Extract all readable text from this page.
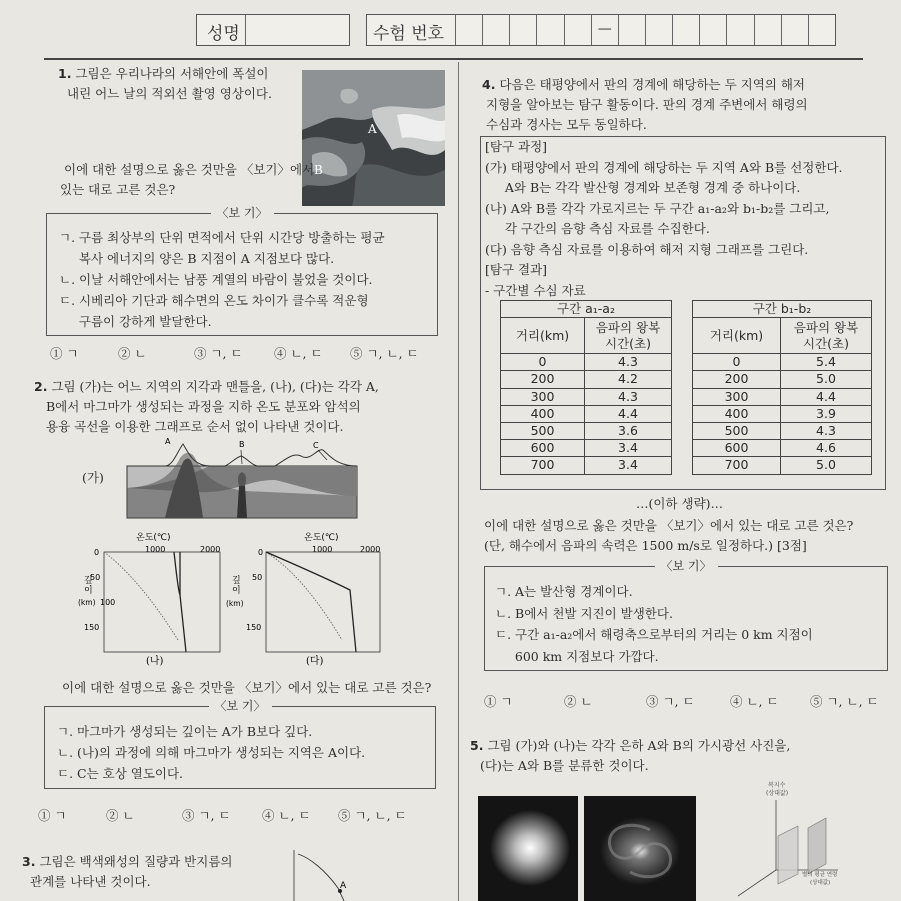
성명	수험 번호	—
1. 그림은 우리나라의 서해안에 폭설이
내린 어느 날의 적외선 촬영 영상이다.
A
B
이에 대한 설명으로 옳은 것만을 〈보기〉에서
있는 대로 고른 것은?
〈보 기〉
ㄱ. 구름 최상부의 단위 면적에서 단위 시간당 방출하는 평균
복사 에너지의 양은 B 지점이 A 지점보다 많다.
ㄴ. 이날 서해안에서는 남풍 계열의 바람이 불었을 것이다.
ㄷ. 시베리아 기단과 해수면의 온도 차이가 클수록 적운형
구름이 강하게 발달한다.
① ㄱ	② ㄴ	③ ㄱ, ㄷ	④ ㄴ, ㄷ ⑤ ㄱ, ㄴ, ㄷ
2. 그림 (가)는 어느 지역의 지각과 맨틀을, (나), (다)는 각각 A,
B에서 마그마가 생성되는 과정을 지하 온도 분포와 암석의
용융 곡선을 이용한 그래프로 순서 없이 나타낸 것이다.
(가)
A	B	C
온도(℃)
1000	2000
0
깊
이
(km)
50
100
150
(나)
온도(℃)
1000	2000
0
깊
이
(km)
50
150
(다)
이에 대한 설명으로 옳은 것만을 〈보기〉에서 있는 대로 고른 것은?
〈보 기〉
ㄱ. 마그마가 생성되는 깊이는 A가 B보다 깊다.
ㄴ. (나)의 과정에 의해 마그마가 생성되는 지역은 A이다.
ㄷ. C는 호상 열도이다.
① ㄱ	② ㄴ	③ ㄱ, ㄷ	④ ㄴ, ㄷ ⑤ ㄱ, ㄴ, ㄷ
3. 그림은 백색왜성의 질량과 반지름의
관계를 나타낸 것이다.	A
4. 다음은 태평양에서 판의 경계에 해당하는 두 지역의 해저
지형을 알아보는 탐구 활동이다. 판의 경계 주변에서 해령의
수심과 경사는 모두 동일하다.
[탐구 과정]
(가) 태평양에서 판의 경계에 해당하는 두 지역 A와 B를 선정한다.
A와 B는 각각 발산형 경계와 보존형 경계 중 하나이다.
(나) A와 B를 각각 가로지르는 두 구간 a₁-a₂와 b₁-b₂를 그리고,
각 구간의 음향 측심 자료를 수집한다.
(다) 음향 측심 자료를 이용하여 해저 지형 그래프를 그린다.
[탐구 결과]
- 구간별 수심 자료
구간 a₁-a₂	
거리(km)	음파의 왕복
시간(초)

0	4.3
200	4.2
300	4.3
400	4.4
500	3.6
600	3.4
700	3.4
구간 b₁-b₂	
거리(km)	음파의 왕복
시간(초)

0	5.4
200	5.0
300	4.4
400	3.9
500	4.3
600	4.6
700	5.0
…(이하 생략)…
이에 대한 설명으로 옳은 것만을 〈보기〉에서 있는 대로 고른 것은?
(단, 해수에서 음파의 속력은 1500 m/s로 일정하다.) [3점]
〈보 기〉
ㄱ. A는 발산형 경계이다.
ㄴ. B에서 천발 지진이 발생한다.
ㄷ. 구간 a₁-a₂에서 해령축으로부터의 거리는 0 km 지점이
600 km 지점보다 가깝다.
① ㄱ	② ㄴ	③ ㄱ, ㄷ	④ ㄴ, ㄷ	⑤ ㄱ, ㄴ, ㄷ
5. 그림 (가)와 (나)는 각각 은하 A와 B의 가시광선 사진을,
(다)는 A와 B를 분류한 것이다.
복지수
(상대값)
별의 평균 연령
(상대값)
